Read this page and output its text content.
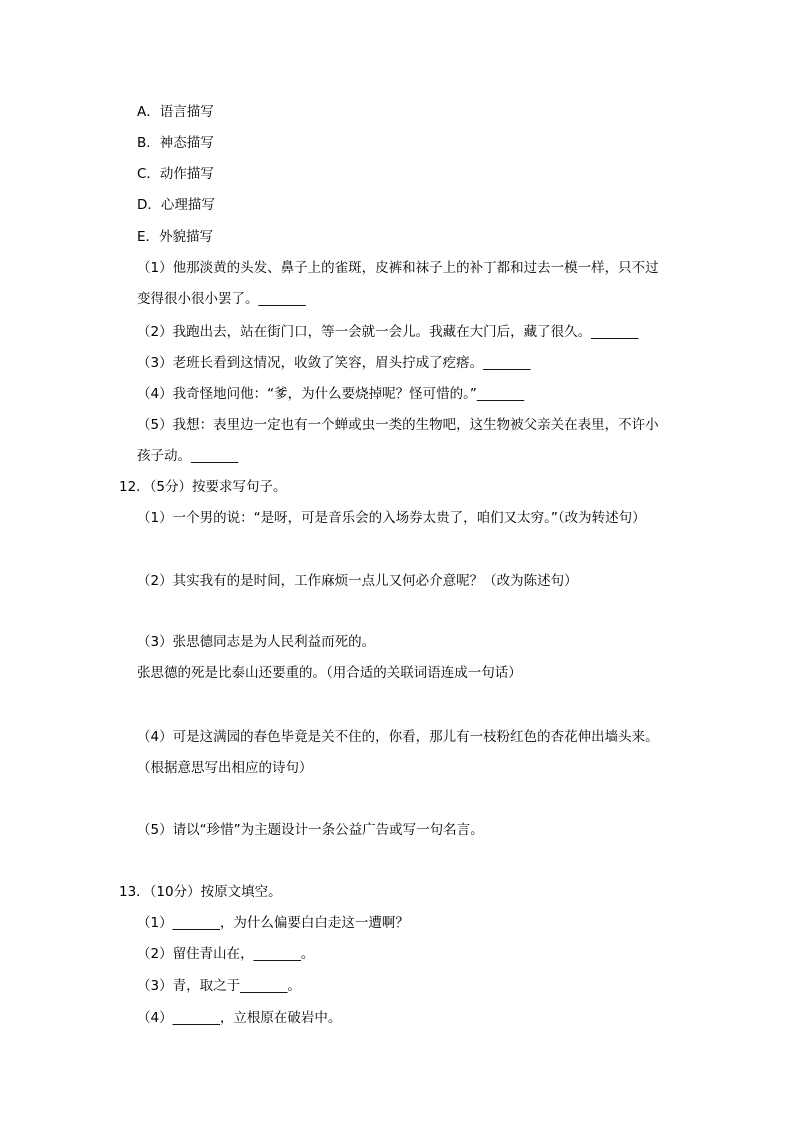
A．语言描写
B．神态描写
C．动作描写
D．心理描写
E．外貌描写
（1）他那淡黄的头发、鼻子上的雀斑，皮裤和袜子上的补丁都和过去一模一样，只不过
变得很小很小罢了。_______
（2）我跑出去，站在街门口，等一会就一会儿。我藏在大门后，藏了很久。_______
（3）老班长看到这情况，收敛了笑容，眉头拧成了疙瘩。_______
（4）我奇怪地问他：“爹，为什么要烧掉呢？怪可惜的。”_______
（5）我想：表里边一定也有一个蝉或虫一类的生物吧，这生物被父亲关在表里，不许小
孩子动。_______
12．（5分）按要求写句子。
（1）一个男的说：“是呀，可是音乐会的入场券太贵了，咱们又太穷。”（改为转述句）
（2）其实我有的是时间，工作麻烦一点儿又何必介意呢？（改为陈述句）
（3）张思德同志是为人民利益而死的。
张思德的死是比泰山还要重的。（用合适的关联词语连成一句话）
（4）可是这满园的春色毕竟是关不住的，你看，那儿有一枝粉红色的杏花伸出墙头来。
（根据意思写出相应的诗句）
（5）请以“珍惜”为主题设计一条公益广告或写一句名言。
13．（10分）按原文填空。
（1）_______，为什么偏要白白走这一遭啊？
（2）留住青山在，_______。
（3）青，取之于_______。
（4）_______，立根原在破岩中。
